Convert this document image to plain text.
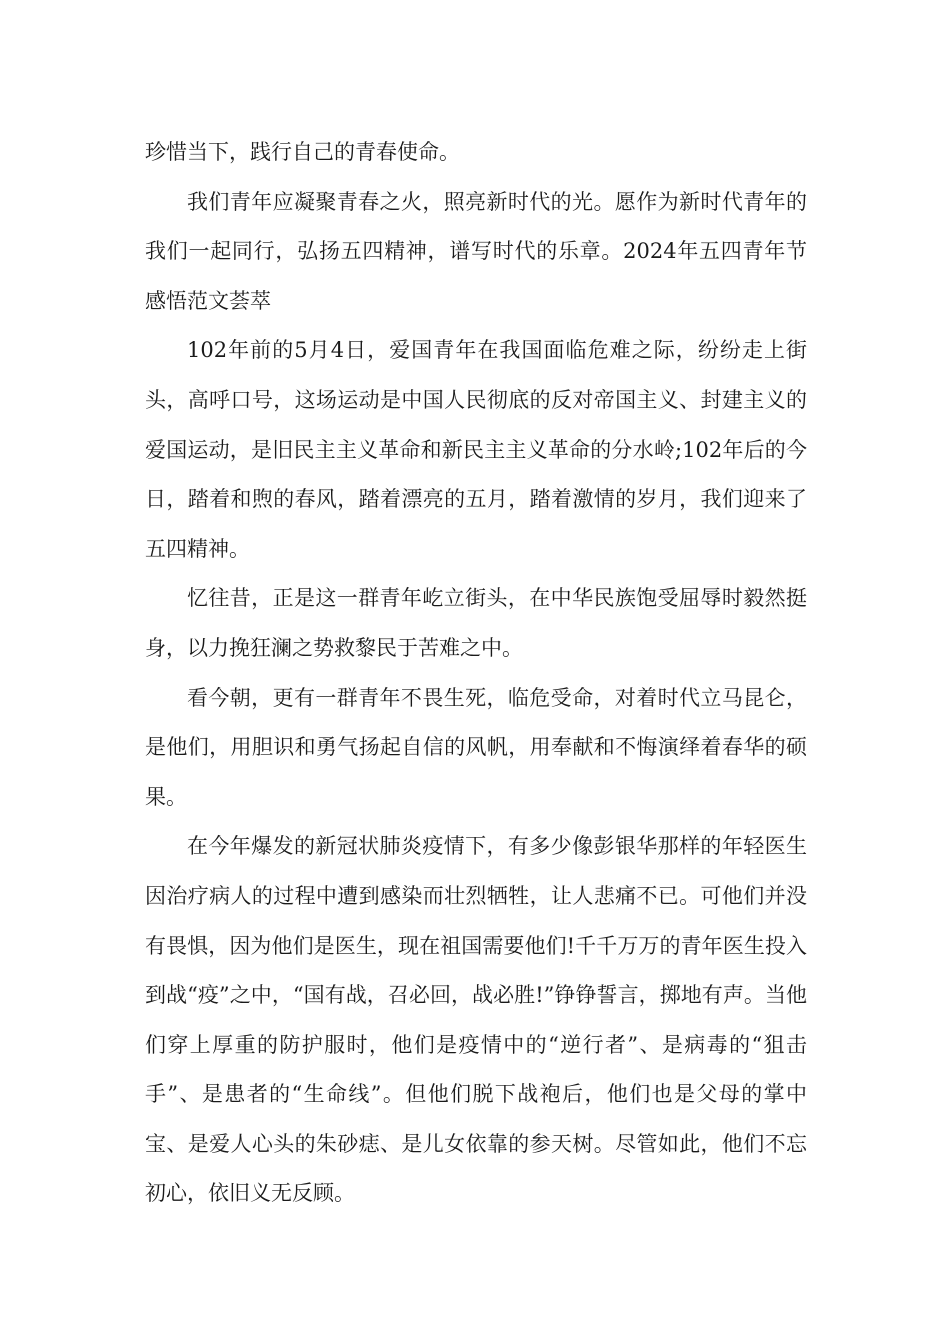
珍惜当下，践行自己的青春使命。

我们青年应凝聚青春之火，照亮新时代的光。愿作为新时代青年的我们一起同行，弘扬五四精神，谱写时代的乐章。2024年五四青年节感悟范文荟萃

102年前的5月4日，爱国青年在我国面临危难之际，纷纷走上街头，高呼口号，这场运动是中国人民彻底的反对帝国主义、封建主义的爱国运动，是旧民主主义革命和新民主主义革命的分水岭;102年后的今日，踏着和煦的春风，踏着漂亮的五月，踏着激情的岁月，我们迎来了五四精神。

忆往昔，正是这一群青年屹立街头，在中华民族饱受屈辱时毅然挺身，以力挽狂澜之势救黎民于苦难之中。

看今朝，更有一群青年不畏生死，临危受命，对着时代立马昆仑，是他们，用胆识和勇气扬起自信的风帆，用奉献和不悔演绎着春华的硕果。

在今年爆发的新冠状肺炎疫情下，有多少像彭银华那样的年轻医生因治疗病人的过程中遭到感染而壮烈牺牲，让人悲痛不已。可他们并没有畏惧，因为他们是医生，现在祖国需要他们!千千万万的青年医生投入到战“疫”之中，“国有战，召必回，战必胜!”铮铮誓言，掷地有声。当他们穿上厚重的防护服时，他们是疫情中的“逆行者”、是病毒的“狙击手”、是患者的“生命线”。但他们脱下战袍后，他们也是父母的掌中宝、是爱人心头的朱砂痣、是儿女依靠的参天树。尽管如此，他们不忘初心，依旧义无反顾。
